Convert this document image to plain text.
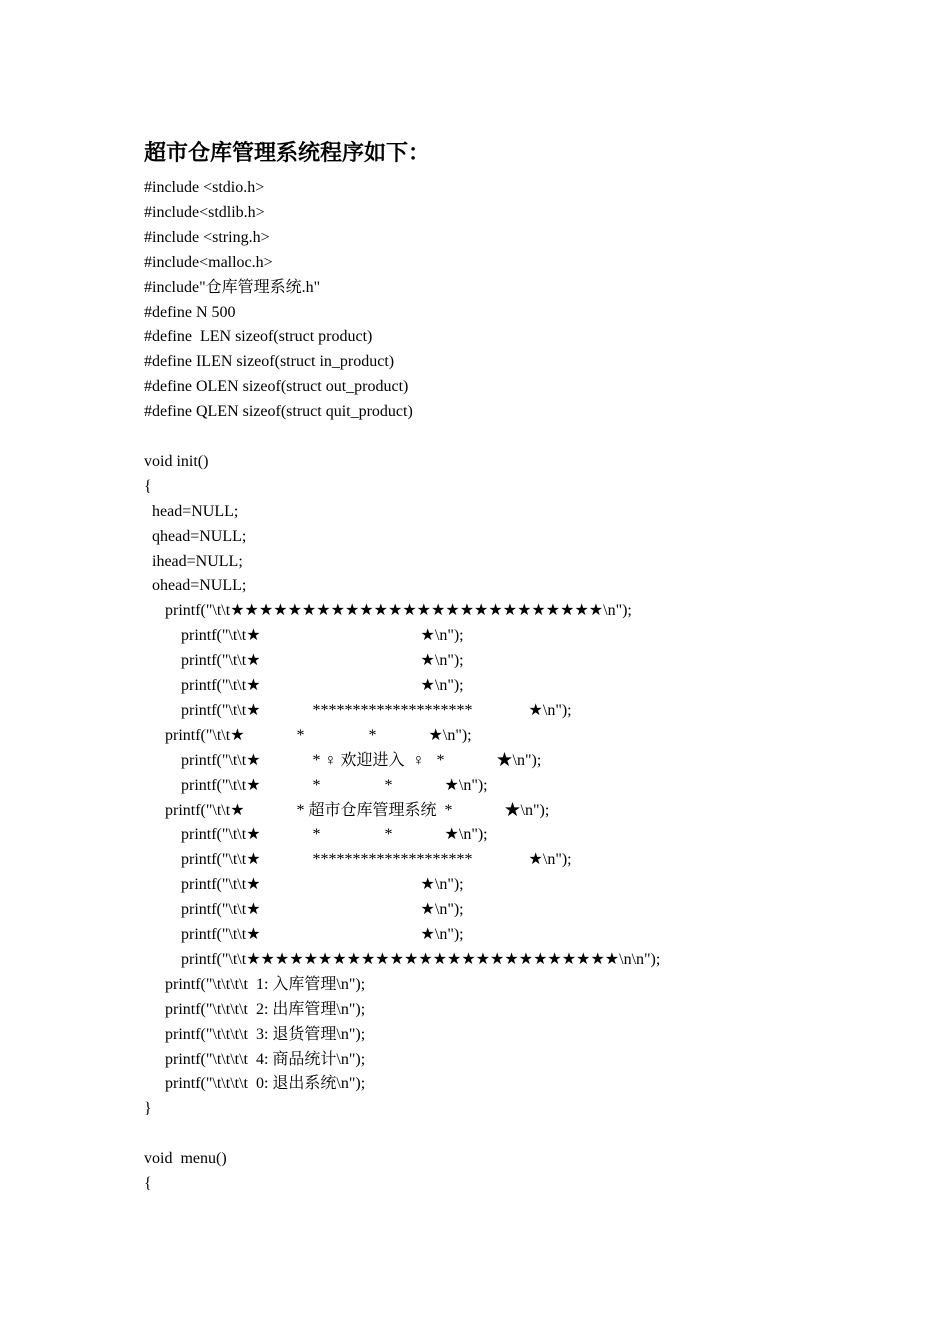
超市仓库管理系统程序如下：
#include <stdio.h>
#include<stdlib.h>
#include <string.h>
#include<malloc.h>
#include"仓库管理系统.h"
#define N 500
#define  LEN sizeof(struct product)
#define ILEN sizeof(struct in_product)
#define OLEN sizeof(struct out_product)
#define QLEN sizeof(struct quit_product)
void init()
{
head=NULL;
qhead=NULL;
ihead=NULL;
ohead=NULL;
printf("\t\t★★★★★★★★★★★★★★★★★★★★★★★★★★\n");
printf("\t\t★                                        ★\n");
printf("\t\t★                                        ★\n");
printf("\t\t★                                        ★\n");
printf("\t\t★             ********************              ★\n");
printf("\t\t★             *                *             ★\n");
printf("\t\t★             * ♀ 欢迎进入  ♀   *             ★\n");
printf("\t\t★             *                *             ★\n");
printf("\t\t★             * 超市仓库管理系统  *             ★\n");
printf("\t\t★             *                *             ★\n");
printf("\t\t★             ********************              ★\n");
printf("\t\t★                                        ★\n");
printf("\t\t★                                        ★\n");
printf("\t\t★                                        ★\n");
printf("\t\t★★★★★★★★★★★★★★★★★★★★★★★★★★\n\n");
printf("\t\t\t\t  1: 入库管理\n");
printf("\t\t\t\t  2: 出库管理\n");
printf("\t\t\t\t  3: 退货管理\n");
printf("\t\t\t\t  4: 商品统计\n");
printf("\t\t\t\t  0: 退出系统\n");
}
void  menu()
{
